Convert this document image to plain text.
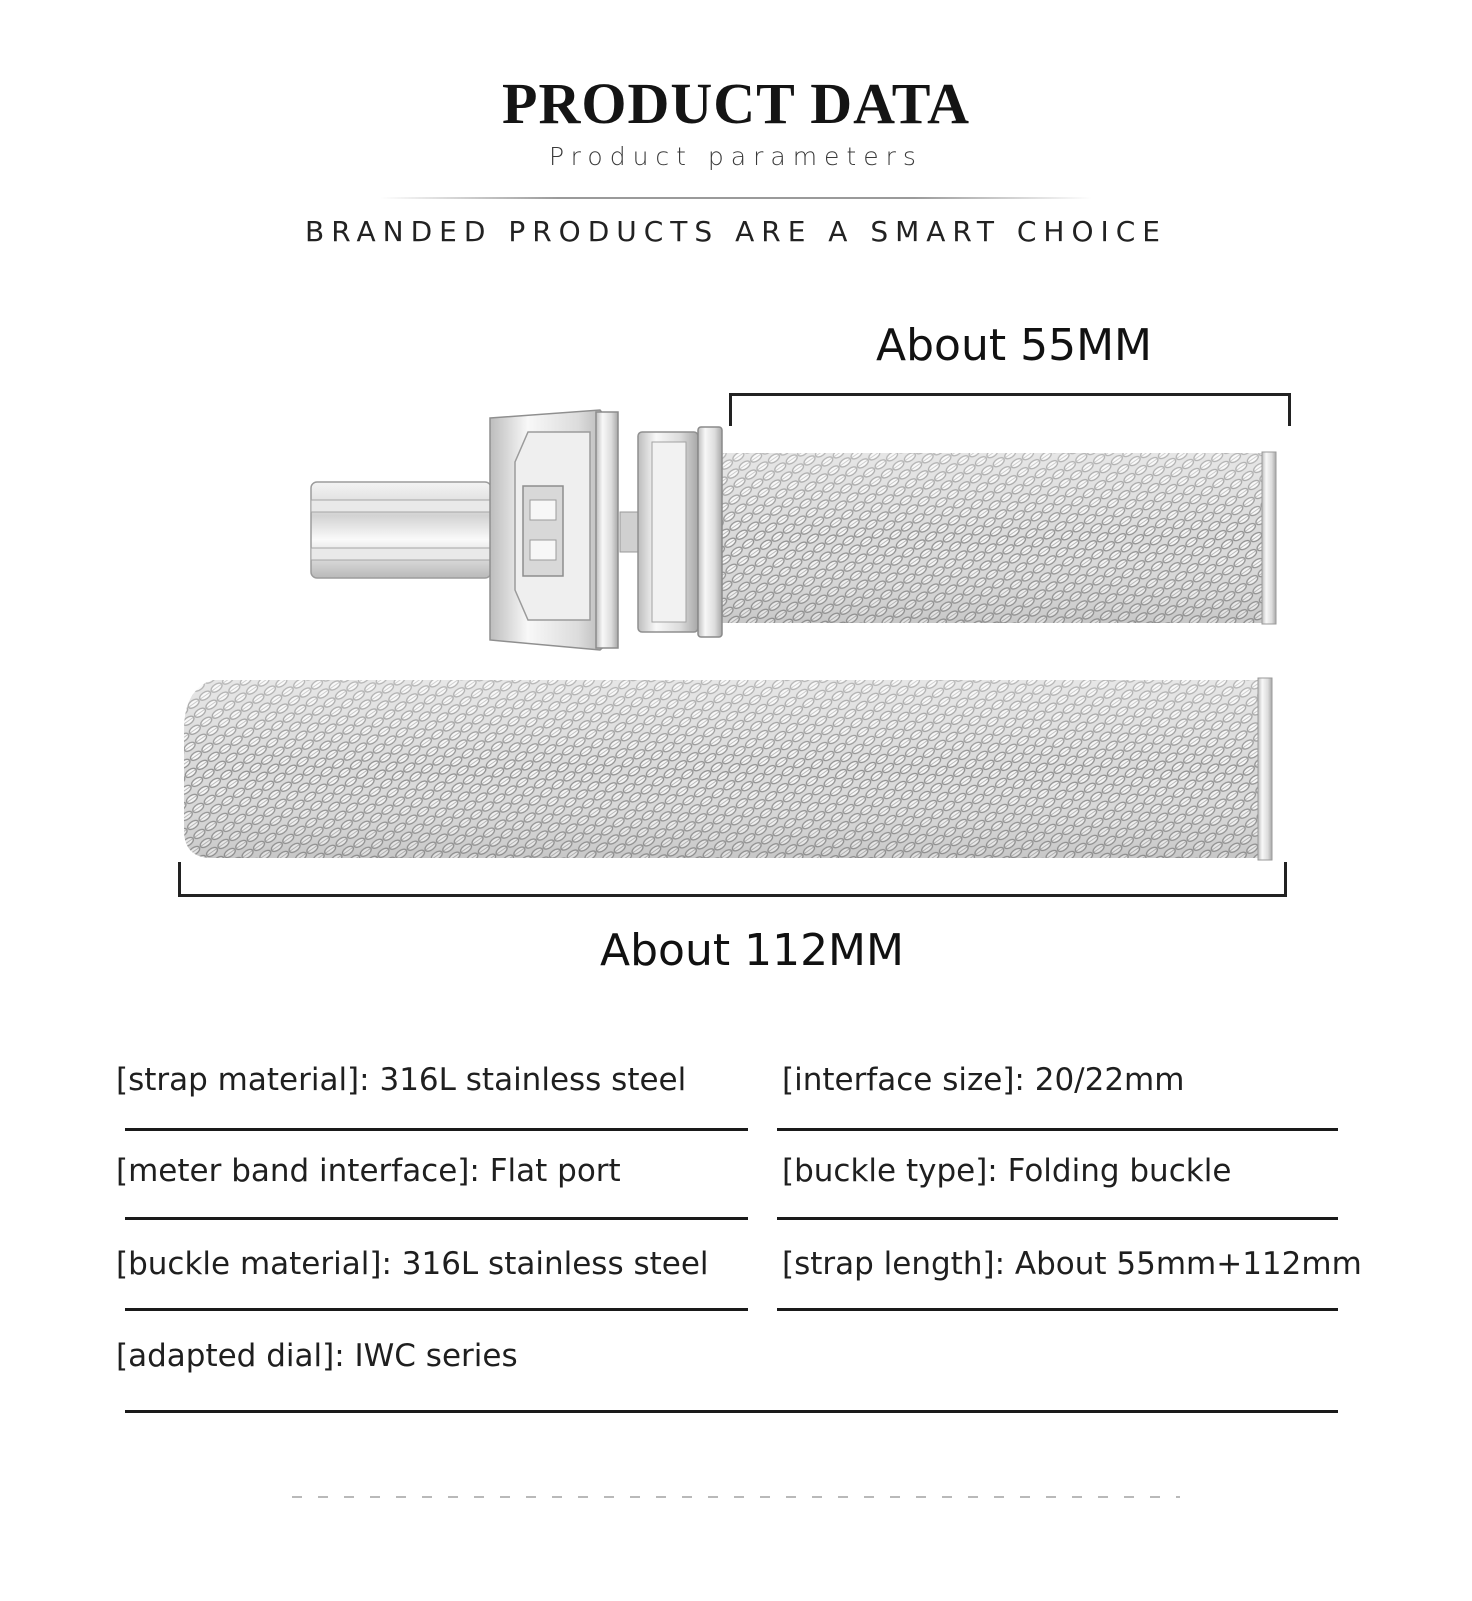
PRODUCT DATA
Product parameters
BRANDED PRODUCTS ARE A SMART CHOICE
About 55MM
About 112MM
[strap material]: 316L stainless steel	[interface size]: 20/22mm
[meter band interface]: Flat port	[buckle type]: Folding buckle
[buckle material]: 316L stainless steel [strap length]: About 55mm+112mm
[adapted dial]: IWC series
